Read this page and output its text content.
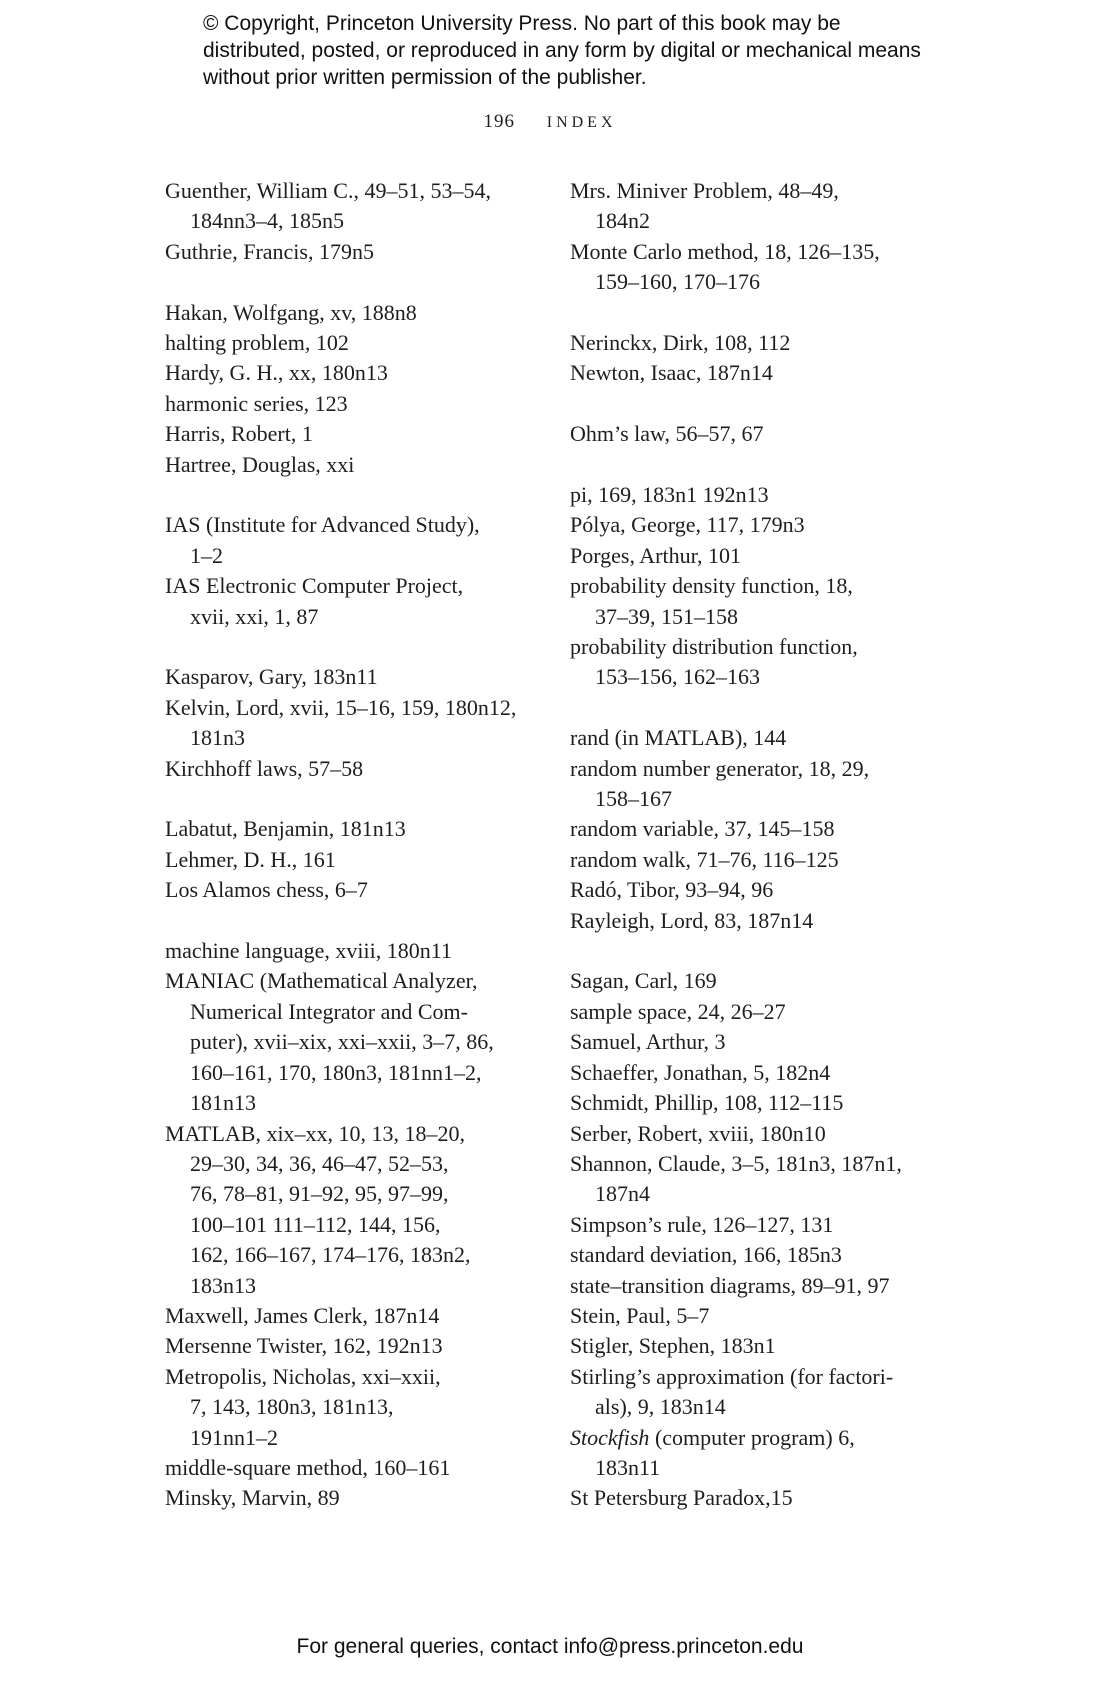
© Copyright, Princeton University Press. No part of this book may be distributed, posted, or reproduced in any form by digital or mechanical means without prior written permission of the publisher.
196 INDEX
Guenther, William C., 49–51, 53–54,
184nn3–4, 185n5
Guthrie, Francis, 179n5
Hakan, Wolfgang, xv, 188n8
halting problem, 102
Hardy, G. H., xx, 180n13
harmonic series, 123
Harris, Robert, 1
Hartree, Douglas, xxi
IAS (Institute for Advanced Study),
1–2
IAS Electronic Computer Project,
xvii, xxi, 1, 87
Kasparov, Gary, 183n11
Kelvin, Lord, xvii, 15–16, 159, 180n12,
181n3
Kirchhoff laws, 57–58
Labatut, Benjamin, 181n13
Lehmer, D. H., 161
Los Alamos chess, 6–7
machine language, xviii, 180n11
MANIAC (Mathematical Analyzer,
Numerical Integrator and Com-
puter), xvii–xix, xxi–xxii, 3–7, 86,
160–161, 170, 180n3, 181nn1–2,
181n13
MATLAB, xix–xx, 10, 13, 18–20,
29–30, 34, 36, 46–47, 52–53,
76, 78–81, 91–92, 95, 97–99,
100–101 111–112, 144, 156,
162, 166–167, 174–176, 183n2,
183n13
Maxwell, James Clerk, 187n14
Mersenne Twister, 162, 192n13
Metropolis, Nicholas, xxi–xxii,
7, 143, 180n3, 181n13,
191nn1–2
middle-square method, 160–161
Minsky, Marvin, 89
Mrs. Miniver Problem, 48–49,
184n2
Monte Carlo method, 18, 126–135,
159–160, 170–176
Nerinckx, Dirk, 108, 112
Newton, Isaac, 187n14
Ohm’s law, 56–57, 67
pi, 169, 183n1 192n13
Pólya, George, 117, 179n3
Porges, Arthur, 101
probability density function, 18,
37–39, 151–158
probability distribution function,
153–156, 162–163
rand (in MATLAB), 144
random number generator, 18, 29,
158–167
random variable, 37, 145–158
random walk, 71–76, 116–125
Radó, Tibor, 93–94, 96
Rayleigh, Lord, 83, 187n14
Sagan, Carl, 169
sample space, 24, 26–27
Samuel, Arthur, 3
Schaeffer, Jonathan, 5, 182n4
Schmidt, Phillip, 108, 112–115
Serber, Robert, xviii, 180n10
Shannon, Claude, 3–5, 181n3, 187n1,
187n4
Simpson’s rule, 126–127, 131
standard deviation, 166, 185n3
state–transition diagrams, 89–91, 97
Stein, Paul, 5–7
Stigler, Stephen, 183n1
Stirling’s approximation (for factori-
als), 9, 183n14
Stockfish (computer program) 6,
183n11
St Petersburg Paradox,15
For general queries, contact info@press.princeton.edu
